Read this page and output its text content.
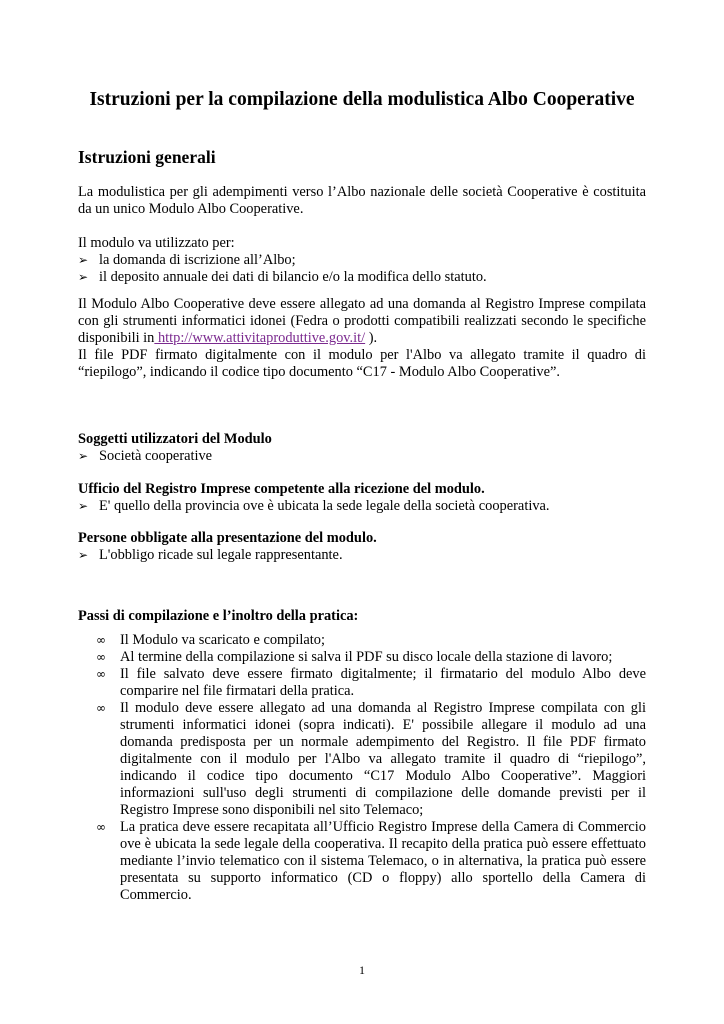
Istruzioni per la compilazione della modulistica Albo Cooperative
Istruzioni generali

La modulistica per gli adempimenti verso l’Albo nazionale delle società Cooperative è costituita da un unico Modulo Albo Cooperative.

Il modulo va utilizzato per:
➢ la domanda di iscrizione all’Albo;
➢ il deposito annuale dei dati di bilancio e/o la modifica dello statuto.

Il Modulo Albo Cooperative deve essere allegato ad una domanda al Registro Imprese compilata con gli strumenti informatici idonei (Fedra o prodotti compatibili realizzati secondo le specifiche disponibili in http://www.attivitaproduttive.gov.it/ ).

Il file PDF firmato digitalmente con il modulo per l'Albo va allegato tramite il quadro di
“riepilogo”, indicando il codice tipo documento “C17 - Modulo Albo Cooperative”.
Soggetti utilizzatori del Modulo
➢ Società cooperative
Ufficio del Registro Imprese competente alla ricezione del modulo.
➢ E' quello della provincia ove è ubicata la sede legale della società cooperativa.
Persone obbligate alla presentazione del modulo.
➢ L'obbligo ricade sul legale rappresentante.
Passi di compilazione e l’inoltro della pratica:
∞ Il Modulo va scaricato e compilato;
∞ Al termine della compilazione si salva il PDF su disco locale della stazione di lavoro;
∞ Il file salvato deve essere firmato digitalmente; il firmatario del modulo Albo deve comparire nel file firmatari della pratica.
∞ Il modulo deve essere allegato ad una domanda al Registro Imprese compilata con gli strumenti informatici idonei (sopra indicati). E' possibile allegare il modulo ad una domanda predisposta per un normale adempimento del Registro. Il file PDF firmato digitalmente con il modulo per l'Albo va allegato tramite il quadro di “riepilogo”, indicando il codice tipo documento “C17 Modulo Albo Cooperative”. Maggiori informazioni sull'uso degli strumenti di compilazione delle domande previsti per il Registro Imprese sono disponibili nel sito Telemaco;
∞ La pratica deve essere recapitata all’Ufficio Registro Imprese della Camera di Commercio ove è ubicata la sede legale della cooperativa. Il recapito della pratica può essere effettuato mediante l’invio telematico con il sistema Telemaco, o in alternativa, la pratica può essere presentata su supporto informatico (CD o floppy) allo sportello della Camera di Commercio.
1
